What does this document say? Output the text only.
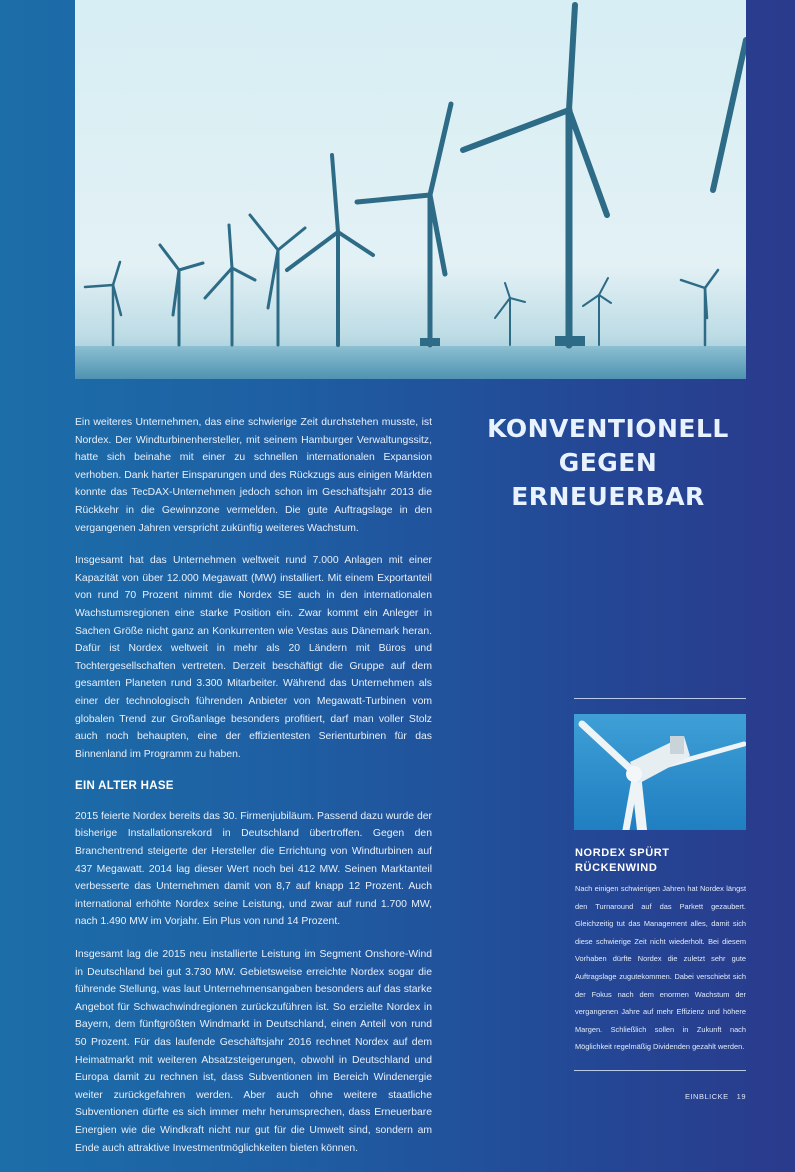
Ein weiteres Unternehmen, das eine schwierige Zeit durchstehen musste, ist Nordex. Der Windturbinenhersteller, mit seinem Hamburger Verwaltungssitz, hatte sich beinahe mit einer zu schnellen internationalen Expansion verhoben. Dank harter Einsparungen und des Rückzugs aus einigen Märkten konnte das TecDAX-Unternehmen jedoch schon im Geschäftsjahr 2013 die Rückkehr in die Gewinnzone vermelden. Die gute Auftragslage in den vergangenen Jahren verspricht zukünftig weiteres Wachstum.

Insgesamt hat das Unternehmen weltweit rund 7.000 Anlagen mit einer Kapazität von über 12.000 Megawatt (MW) installiert. Mit einem Exportanteil von rund 70 Prozent nimmt die Nordex SE auch in den internationalen Wachstumsregionen eine starke Position ein. Zwar kommt ein Anleger in Sachen Größe nicht ganz an Konkurrenten wie Vestas aus Dänemark heran. Dafür ist Nordex weltweit in mehr als 20 Ländern mit Büros und Tochtergesellschaften vertreten. Derzeit beschäftigt die Gruppe auf dem gesamten Planeten rund 3.300 Mitarbeiter. Während das Unternehmen als einer der technologisch führenden Anbieter von Megawatt-Turbinen vom globalen Trend zur Großanlage besonders profitiert, darf man voller Stolz auch noch behaupten, eine der effizientesten Serienturbinen für das Binnenland im Programm zu haben.

EIN ALTER HASE

2015 feierte Nordex bereits das 30. Firmenjubiläum. Passend dazu wurde der bisherige Installationsrekord in Deutschland übertroffen. Gegen den Branchentrend steigerte der Hersteller die Errichtung von Windturbinen auf 437 Megawatt. 2014 lag dieser Wert noch bei 412 MW. Seinen Marktanteil verbesserte das Unternehmen damit von 8,7 auf knapp 12 Prozent. Auch international erhöhte Nordex seine Leistung, und zwar auf rund 1.700 MW, nach 1.490 MW im Vorjahr. Ein Plus von rund 14 Prozent.

Insgesamt lag die 2015 neu installierte Leistung im Segment Onshore-Wind in Deutschland bei gut 3.730 MW. Gebietsweise erreichte Nordex sogar die führende Stellung, was laut Unternehmensangaben besonders auf das starke Angebot für Schwachwindregionen zurückzuführen ist. So erzielte Nordex in Bayern, dem fünftgrößten Windmarkt in Deutschland, einen Anteil von rund 50 Prozent. Für das laufende Geschäftsjahr 2016 rechnet Nordex auf dem Heimatmarkt mit weiteren Absatzsteigerungen, obwohl in Deutschland und Europa damit zu rechnen ist, dass Subventionen im Bereich Windenergie weiter zurückgefahren werden. Aber auch ohne weitere staatliche Subventionen dürfte es sich immer mehr herumsprechen, dass Erneuerbare Energien wie die Windkraft nicht nur gut für die Umwelt sind, sondern am Ende auch attraktive Investmentmöglichkeiten bieten können.

KONVENTIONELL
GEGEN
ERNEUERBAR
NORDEX SPÜRT
RÜCKENWIND
Nach einigen schwierigen Jahren hat Nordex längst den Turnaround auf das Parkett gezaubert. Gleichzeitig tut das Management alles, damit sich diese schwierige Zeit nicht wiederholt. Bei diesem Vorhaben dürfte Nordex die zuletzt sehr gute Auftragslage zugutekommen. Dabei verschiebt sich der Fokus nach dem enormen Wachstum der vergangenen Jahre auf mehr Effizienz und höhere Margen. Schließlich sollen in Zukunft nach Möglichkeit regelmäßig Dividenden gezahlt werden.
EINBLICKE 19
